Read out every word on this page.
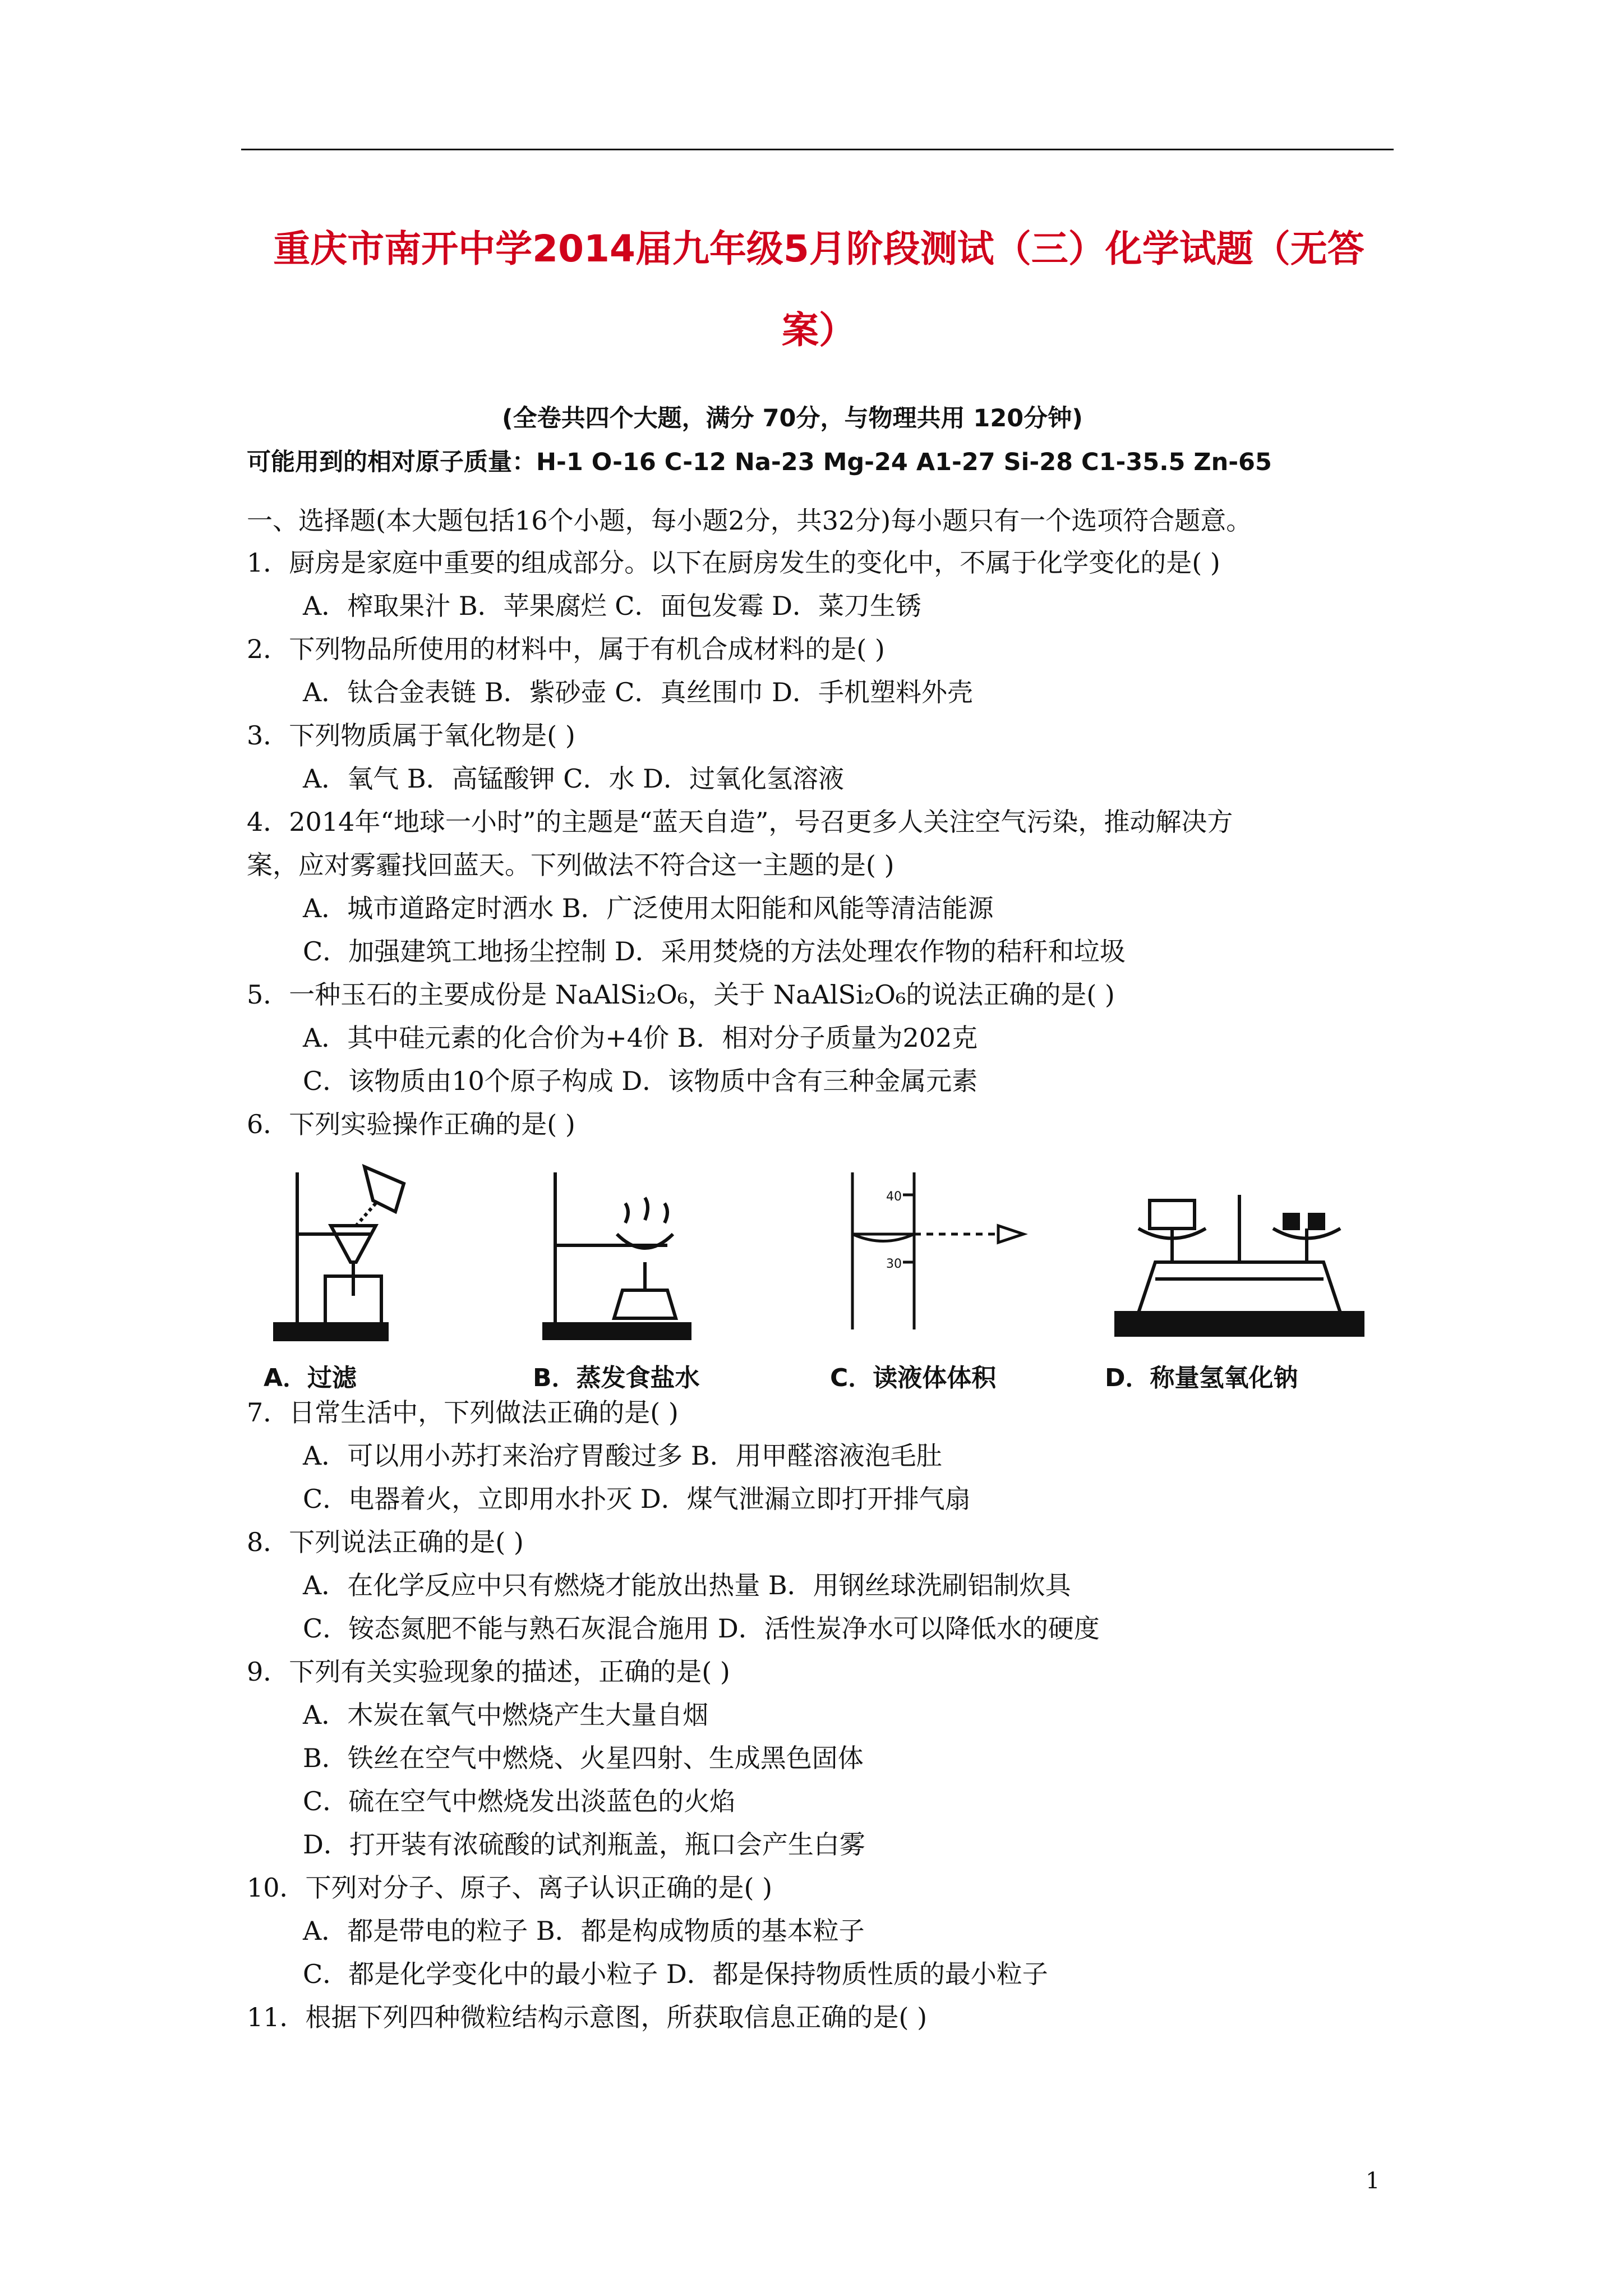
重庆市南开中学2014届九年级5月阶段测试（三）化学试题（无答
案）
(全卷共四个大题，满分 70分，与物理共用 120分钟)
可能用到的相对原子质量：H-1 O-16 C-12 Na-23 Mg-24 A1-27 Si-28 C1-35.5 Zn-65
一、选择题(本大题包括16个小题，每小题2分，共32分)每小题只有一个选项符合题意。
1．厨房是家庭中重要的组成部分。以下在厨房发生的变化中，不属于化学变化的是( )
A．榨取果汁 B．苹果腐烂 C．面包发霉 D．菜刀生锈
2．下列物品所使用的材料中，属于有机合成材料的是( )
A．钛合金表链 B．紫砂壶 C．真丝围巾 D．手机塑料外壳
3．下列物质属于氧化物是( )
A．氧气 B．高锰酸钾 C．水 D．过氧化氢溶液
4．2014年“地球一小时”的主题是“蓝天自造”，号召更多人关注空气污染，推动解决方
案，应对雾霾找回蓝天。下列做法不符合这一主题的是( )
A．城市道路定时洒水 B．广泛使用太阳能和风能等清洁能源
C．加强建筑工地扬尘控制 D．采用焚烧的方法处理农作物的秸秆和垃圾
5．一种玉石的主要成份是 NaAlSi₂O₆，关于 NaAlSi₂O₆的说法正确的是( )
A．其中硅元素的化合价为+4价 B．相对分子质量为202克
C．该物质由10个原子构成 D．该物质中含有三种金属元素
6．下列实验操作正确的是( )
A．过滤	B．蒸发食盐水
40
30
C．读液体体积	D．称量氢氧化钠
7．日常生活中，下列做法正确的是( )
A．可以用小苏打来治疗胃酸过多 B．用甲醛溶液泡毛肚
C．电器着火，立即用水扑灭 D．煤气泄漏立即打开排气扇
8．下列说法正确的是( )
A．在化学反应中只有燃烧才能放出热量 B．用钢丝球洗刷铝制炊具
C．铵态氮肥不能与熟石灰混合施用 D．活性炭净水可以降低水的硬度
9．下列有关实验现象的描述，正确的是( )
A．木炭在氧气中燃烧产生大量自烟
B．铁丝在空气中燃烧、火星四射、生成黑色固体
C．硫在空气中燃烧发出淡蓝色的火焰
D．打开装有浓硫酸的试剂瓶盖，瓶口会产生白雾
10．下列对分子、原子、离子认识正确的是( )
A．都是带电的粒子 B．都是构成物质的基本粒子
C．都是化学变化中的最小粒子 D．都是保持物质性质的最小粒子
11．根据下列四种微粒结构示意图，所获取信息正确的是( )
1
